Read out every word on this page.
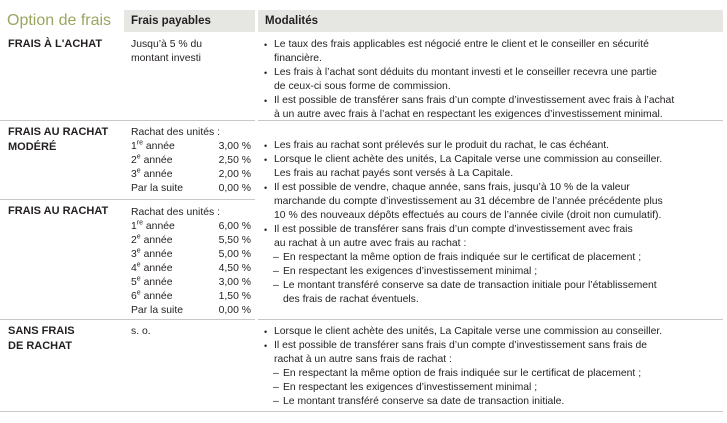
Option de frais	Frais payables	Modalités
FRAIS À L'ACHAT	Jusqu’à 5 % du
montant investi
• Le taux des frais applicables est négocié entre le client et le conseiller en sécurité
financière.
• Les frais à l’achat sont déduits du montant investi et le conseiller recevra une partie
de ceux-ci sous forme de commission.
• Il est possible de transférer sans frais d’un compte d’investissement avec frais à l’achat
à un autre avec frais à l’achat en respectant les exigences d’investissement minimal.
FRAIS AU RACHAT
MODÉRÉ
Rachat des unités :
1re année	3,00 %
2e année	2,50 %
3e année	2,00 %
Par la suite	0,00 %
FRAIS AU RACHAT Rachat des unités :
1re année	6,00 %
2e année	5,50 %
3e année	5,00 %
4e année	4,50 %
5e année	3,00 %
6e année	1,50 %
Par la suite	0,00 %
• Les frais au rachat sont prélevés sur le produit du rachat, le cas échéant.
• Lorsque le client achète des unités, La Capitale verse une commission au conseiller.
Les frais au rachat payés sont versés à La Capitale.
• Il est possible de vendre, chaque année, sans frais, jusqu’à 10 % de la valeur
marchande du compte d’investissement au 31 décembre de l’année précédente plus
10 % des nouveaux dépôts effectués au cours de l’année civile (droit non cumulatif).
• Il est possible de transférer sans frais d’un compte d’investissement avec frais
au rachat à un autre avec frais au rachat :
– En respectant la même option de frais indiquée sur le certificat de placement ;
– En respectant les exigences d’investissement minimal ;
– Le montant transféré conserve sa date de transaction initiale pour l’établissement
des frais de rachat éventuels.
SANS FRAIS
DE RACHAT
s. o.
•	Lorsque le client achète des unités, La Capitale verse une commission au conseiller.
• Il est possible de transférer sans frais d’un compte d’investissement sans frais de
rachat à un autre sans frais de rachat :
– En respectant la même option de frais indiquée sur le certificat de placement ;
– En respectant les exigences d’investissement minimal ;
– Le montant transféré conserve sa date de transaction initiale.
